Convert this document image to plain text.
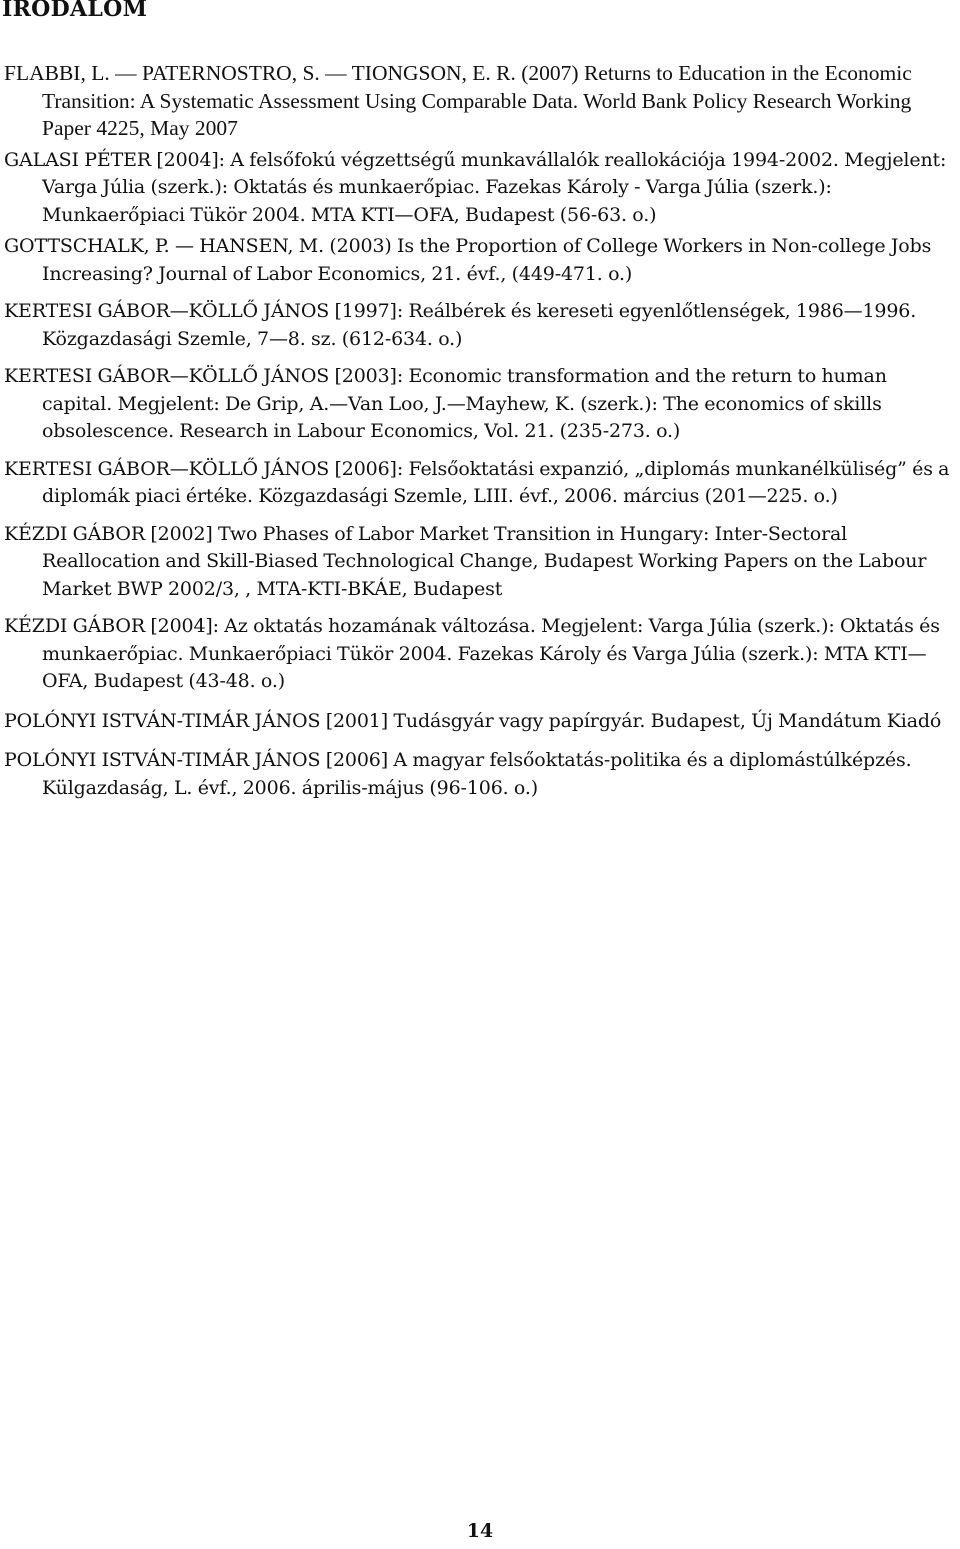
IRODALOM

FLABBI, L. — PATERNOSTRO, S. — TIONGSON, E. R. (2007) Returns to Education in the Economic Transition: A Systematic Assessment Using Comparable Data. World Bank Policy Research Working Paper 4225, May 2007

GALASI PÉTER [2004]: A felsőfokú végzettségű munkavállalók reallokációja 1994-2002. Megjelent: Varga Júlia (szerk.): Oktatás és munkaerőpiac. Fazekas Károly - Varga Júlia (szerk.): Munkaerőpiaci Tükör 2004. MTA KTI—OFA, Budapest (56-63. o.)

GOTTSCHALK, P. — HANSEN, M. (2003) Is the Proportion of College Workers in Non-college Jobs Increasing? Journal of Labor Economics, 21. évf., (449-471. o.)

KERTESI GÁBOR—KÖLLŐ JÁNOS [1997]: Reálbérek és kereseti egyenlőtlenségek, 1986—1996. Közgazdasági Szemle, 7—8. sz. (612-634. o.)

KERTESI GÁBOR—KÖLLŐ JÁNOS [2003]: Economic transformation and the return to human capital. Megjelent: De Grip, A.—Van Loo, J.—Mayhew, K. (szerk.): The economics of skills obsolescence. Research in Labour Economics, Vol. 21. (235-273. o.)

KERTESI GÁBOR—KÖLLŐ JÁNOS [2006]: Felsőoktatási expanzió, „diplomás munkanélküliség” és a diplomák piaci értéke. Közgazdasági Szemle, LIII. évf., 2006. március (201—225. o.)

KÉZDI GÁBOR [2002] Two Phases of Labor Market Transition in Hungary: Inter-Sectoral Reallocation and Skill-Biased Technological Change, Budapest Working Papers on the Labour Market BWP 2002/3, , MTA-KTI-BKÁE, Budapest

KÉZDI GÁBOR [2004]: Az oktatás hozamának változása. Megjelent: Varga Júlia (szerk.): Oktatás és munkaerőpiac. Munkaerőpiaci Tükör 2004. Fazekas Károly és Varga Júlia (szerk.): MTA KTI—OFA, Budapest (43-48. o.)

POLÓNYI ISTVÁN-TIMÁR JÁNOS [2001] Tudásgyár vagy papírgyár. Budapest, Új Mandátum Kiadó

POLÓNYI ISTVÁN-TIMÁR JÁNOS [2006] A magyar felsőoktatás-politika és a diplomástúlképzés. Külgazdaság, L. évf., 2006. április-május (96-106. o.)

14
